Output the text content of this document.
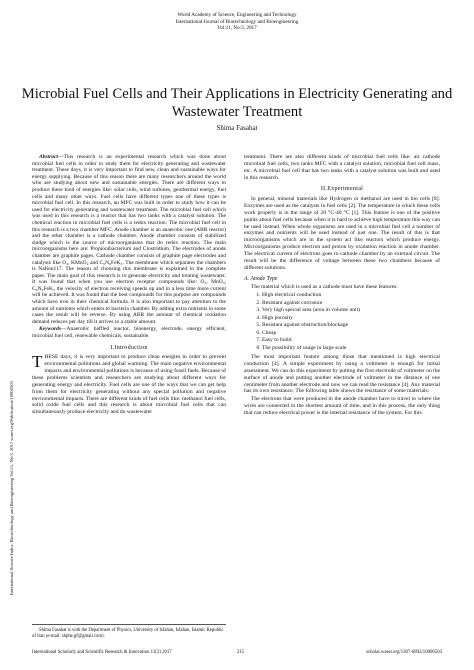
World Academy of Science, Engineering and Technology
International Journal of Biotechnology and Bioengineering
Vol:11, No:3, 2017
Microbial Fuel Cells and Their Applications in Electricity Generating and Wastewater Treatment
Shima Fasahat
International Science Index, Biotechnology and Bioengineering Vol:11, No:3, 2017 waset.org/Publication/10006503

Abstract—This research is an experimental research which was done about microbial fuel cells in order to study them for electricity generating and wastewater treatment. These days, it is very important to find new, clean and sustainable ways for energy supplying. Because of this reason there are many researchers around the world who are studying about new and sustainable energies. There are different ways to produce these kind of energies like: solar cells, wind turbines, geothermal energy, fuel cells and many other ways. Fuel cells have different types one of these types is microbial fuel cell. In this research, an MFC was built in order to study how it can be used for electricity generating and wastewater treatment. The microbial fuel cell which was used in this research is a reactor that has two tanks with a catalyst solution. The chemical reaction in microbial fuel cells is a redox reaction. The microbial fuel cell in this research is a two chamber MFC. Anode chamber is an anaerobic one (ABR reactor) and the other chamber is a cathode chamber. Anode chamber consists of stabilized sludge which is the source of microorganisms that do redox reaction. The main microorganisms here are: Propionibacterium and Clostridium. The electrodes of anode chamber are graphite pages. Cathode chamber consists of graphite page electrodes and catalysts like O₂, KMnO₄ and C₆N₆FeK₃. The membrane which separates the chambers is Nafion117. The reason of choosing this membrane is explained in the complete paper. The main goal of this research is to generate electricity and treating wastewater. It was found that when you use electron receptor compounds like: O₂, MnO₄, C₆N₆FeK₃ the velocity of electron receiving speeds up and in a less time more current will be achieved. It was found that the best compounds for this purpose are compounds which have iron in their chemical formula. It is also important to pay attention to the amount of nutrients which enters to bacteria chamber. By adding extra nutrients in some cases the result will be reverse. By using ABR the amount of chemical oxidation demand reduces per day till it arrives to a stable amount.

Keywords—Anaerobic baffled reactor, bioenergy, electrode, energy efficient, microbial fuel cell, renewable chemicals, sustainable.

I.Introduction

THESE days, it is very important to produce clean energies in order to prevent environmental pollutions and global warming. The main negative environmental impacts and environmental pollutions is because of using fossil fuels. Because of these problems scientists and researchers are studying about different ways for generating energy and electricity. Fuel cells are one of the ways that we can get help from them for electricity generating without any special pollution and negative environmental impacts. There are different kinds of fuel cells like: methanol fuel cells, solid oxide fuel cells and this research is about microbial fuel cells that can simultaneously produce electricity and do wastewater

treatment. There are also different kinds of microbial fuel cells like: air cathode microbial fuel cells, two tanks MFC with a catalyst solution, microbial fuel cell mass, etc. A microbial fuel cell that has two tanks with a catalyst solution was built and used in this research.

II.Experimental

In general, mineral materials like Hydrogen or methanol are used in bio cells [8]. Enzymes are used as the catalysts in fuel cells [2]. The temperature in which these cells work properly is in the range of 20 °C-40 °C [1]. This feature is one of the positive points about fuel cells because when it is hard to achieve high temperature this way can be used instead. When whole organisms are used in a microbial fuel cell a number of enzymes and nutrients will be used instead of just one. The result of this is that microorganisms which are in the system act like reactors which produce energy. Microorganisms produce electron and proton by oxidation reaction in anode chamber. The electrical current of electrons goes to cathode chamber by an external circuit. The result will be the difference of voltage between these two chambers because of different solutions.

A. Anode Type

The material which is used as a cathode must have these features:

1. High electrical conduction
2. Resistant against corrosion
3. Very high special area (area in volume unit)
4. High porosity
5. Resistant against obstruction/blockage
6. Cheap
7. Easy to build
8. The possibility of usage in large scale

The most important feature among those that mentioned is high electrical conduction [4]. A simple experiment by using a voltmeter is enough for initial assessment. We can do this experiment by putting the first electrode of voltmeter on the surface of anode and putting another electrode of voltmeter in the distance of one centimeter from another electrode and now we can read the resistance [4]. Any material has its own resistance. The following table shows the resistance of some materials:

The electrons that were produced in the anode chamber have to travel to where the wires are connected in the shortest amount of time, and in this process, the only thing that can reduce electrical power is the internal resistance of the system. For this

Shima Fasahat is with the Department of Physics, University of Isfahan, Isfahan, Islamic Republic of Iran (e-mail: shphe.gf@gmail.com).
International Scholarly and Scientific Research & Innovation 11(3) 2017	215	scholar.waset.org/1307-6892/10006503
